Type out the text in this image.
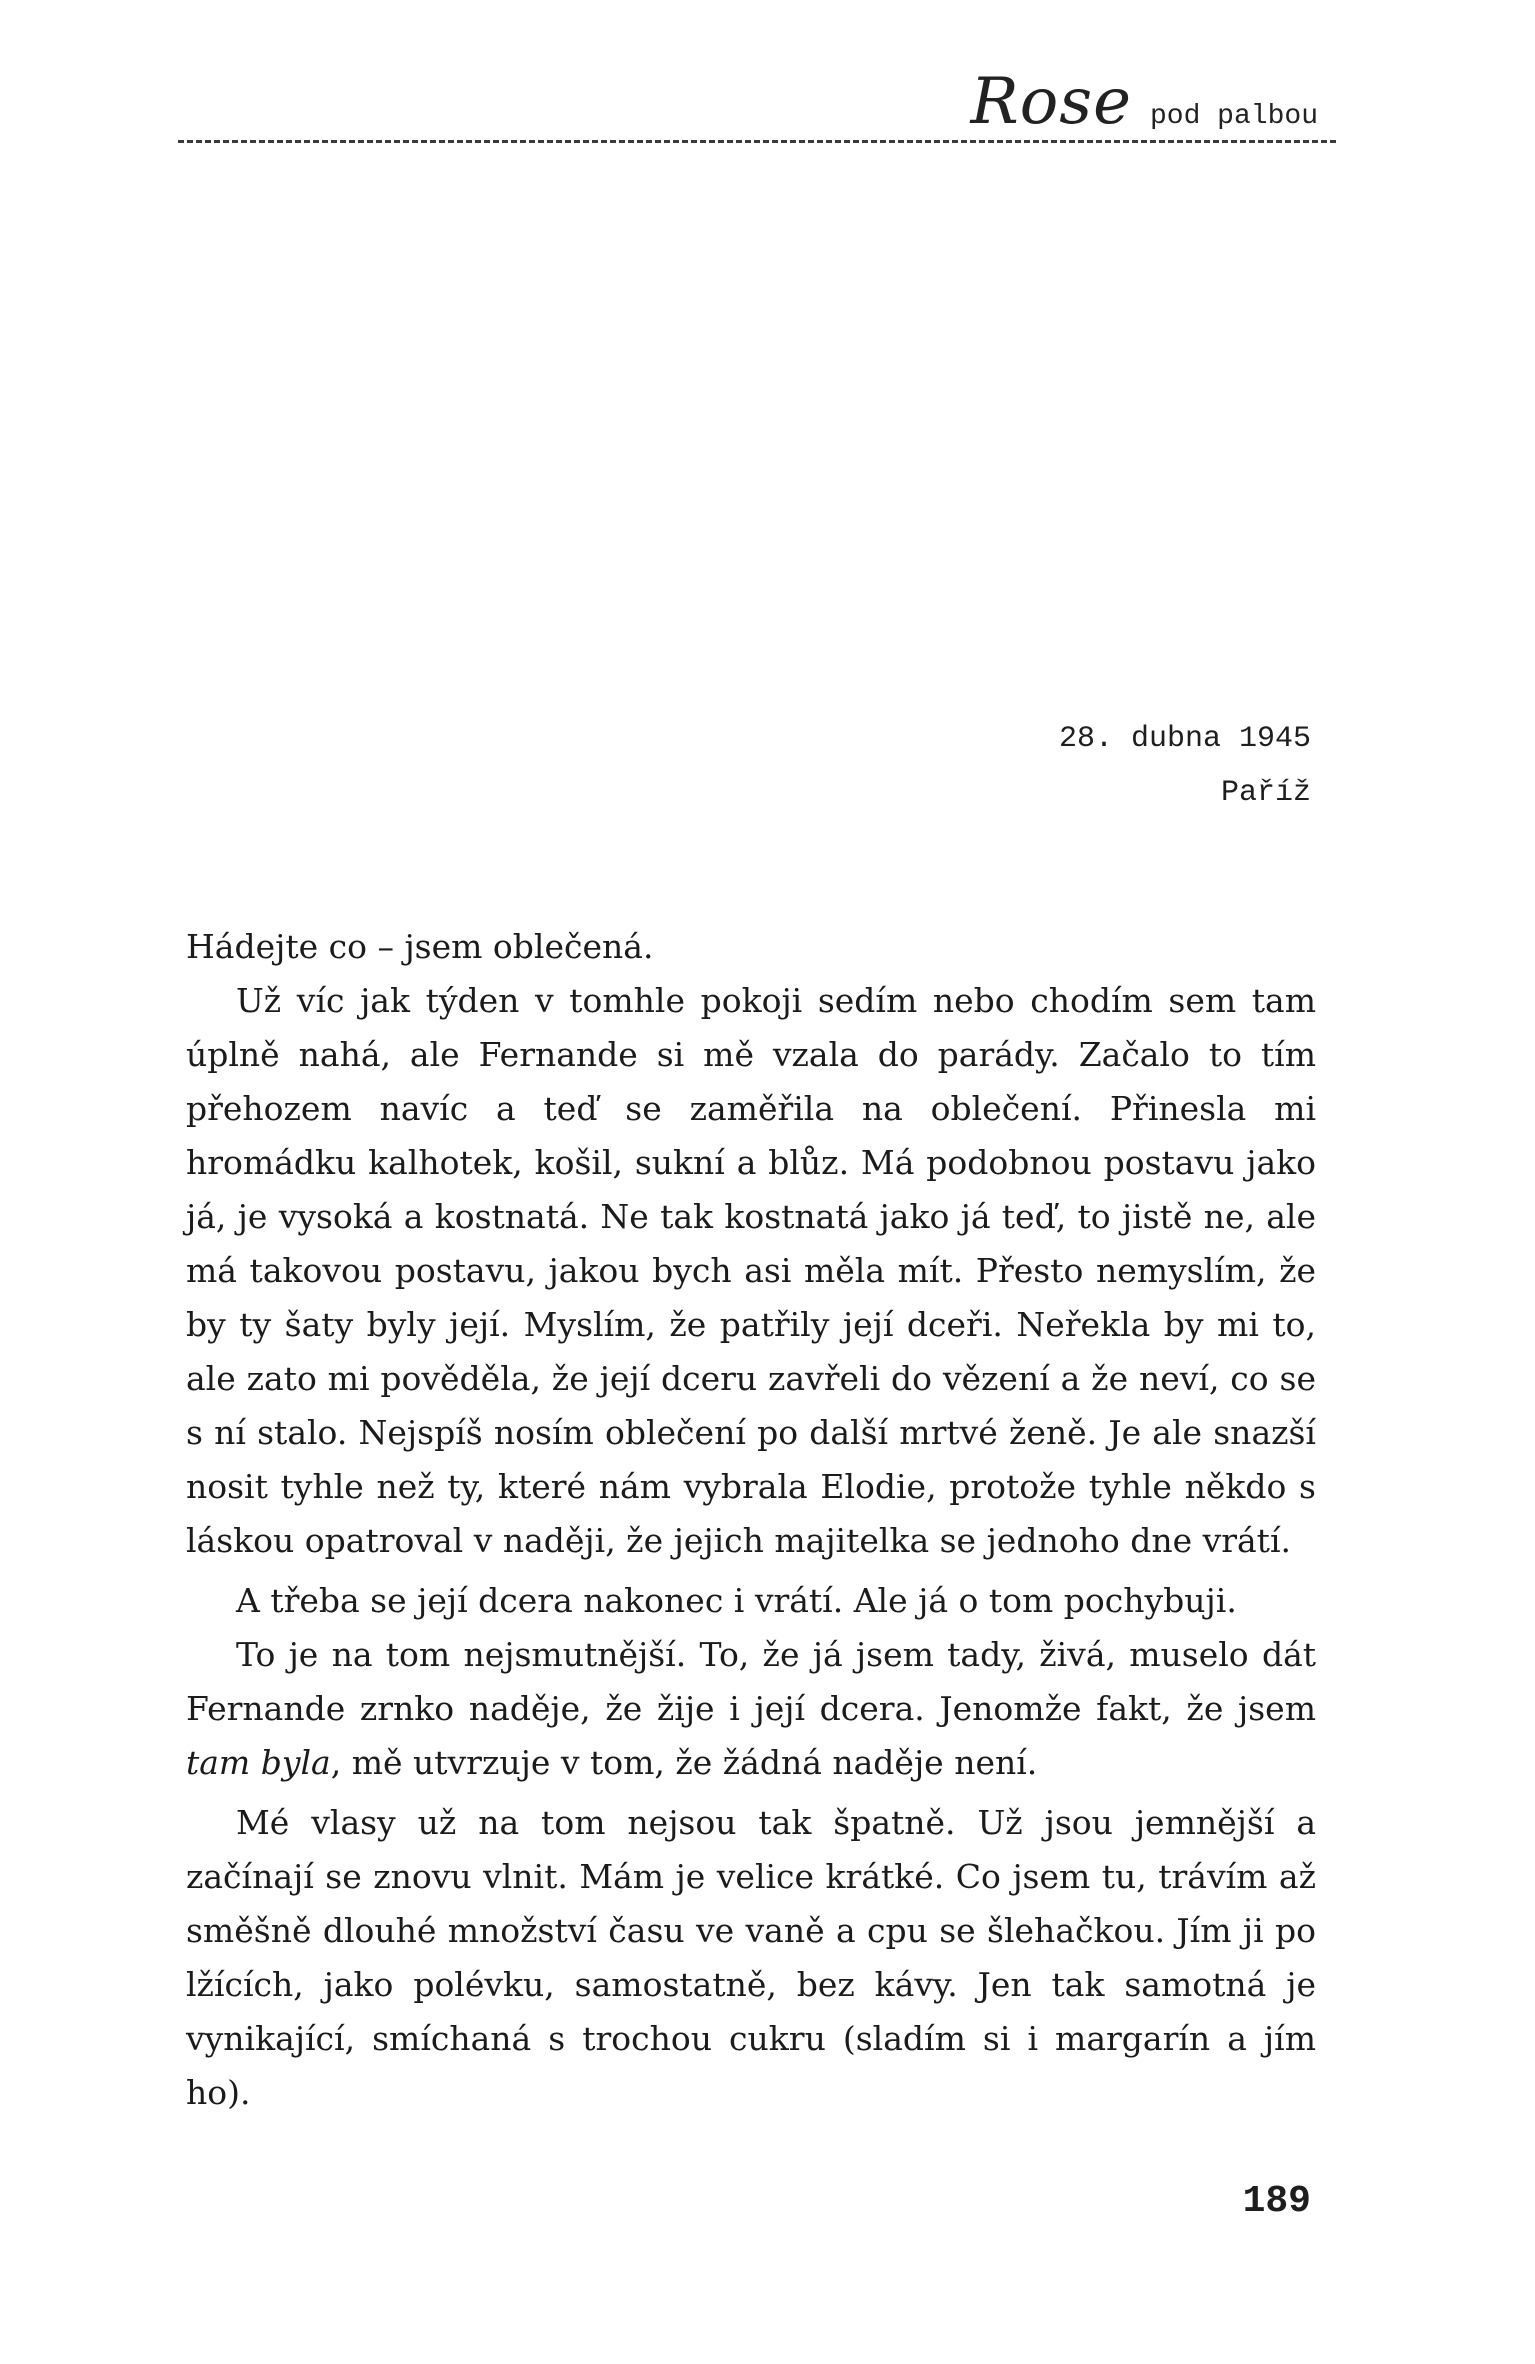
Rose pod palbou
28. dubna 1945
Paříž

Hádejte co – jsem oblečená.

Už víc jak týden v tomhle pokoji sedím nebo chodím sem tam úplně nahá, ale Fernande si mě vzala do parády. Začalo to tím přehozem navíc a teď se zaměřila na oblečení. Přinesla mi hromádku kalhotek, košil, sukní a blůz. Má podobnou postavu jako já, je vysoká a kostnatá. Ne tak kostnatá jako já teď, to jistě ne, ale má takovou postavu, jakou bych asi měla mít. Přesto nemyslím, že by ty šaty byly její. Myslím, že patřily její dceři. Neřekla by mi to, ale zato mi pověděla, že její dceru zavřeli do vězení a že neví, co se s ní stalo. Nejspíš nosím oblečení po další mrtvé ženě. Je ale snazší nosit tyhle než ty, které nám vybrala Elodie, protože tyhle někdo s láskou opatroval v naději, že jejich majitelka se jednoho dne vrátí.

A třeba se její dcera nakonec i vrátí. Ale já o tom pochybuji.

To je na tom nejsmutnější. To, že já jsem tady, živá, muselo dát Fernande zrnko naděje, že žije i její dcera. Jenomže fakt, že jsem tam byla, mě utvrzuje v tom, že žádná naděje není.

Mé vlasy už na tom nejsou tak špatně. Už jsou jemnější a začínají se znovu vlnit. Mám je velice krátké. Co jsem tu, trávím až směšně dlouhé množství času ve vaně a cpu se šlehačkou. Jím ji po lžících, jako polévku, samostatně, bez kávy. Jen tak samotná je vynikající, smíchaná s trochou cukru (sladím si i margarín a jím ho).

189
